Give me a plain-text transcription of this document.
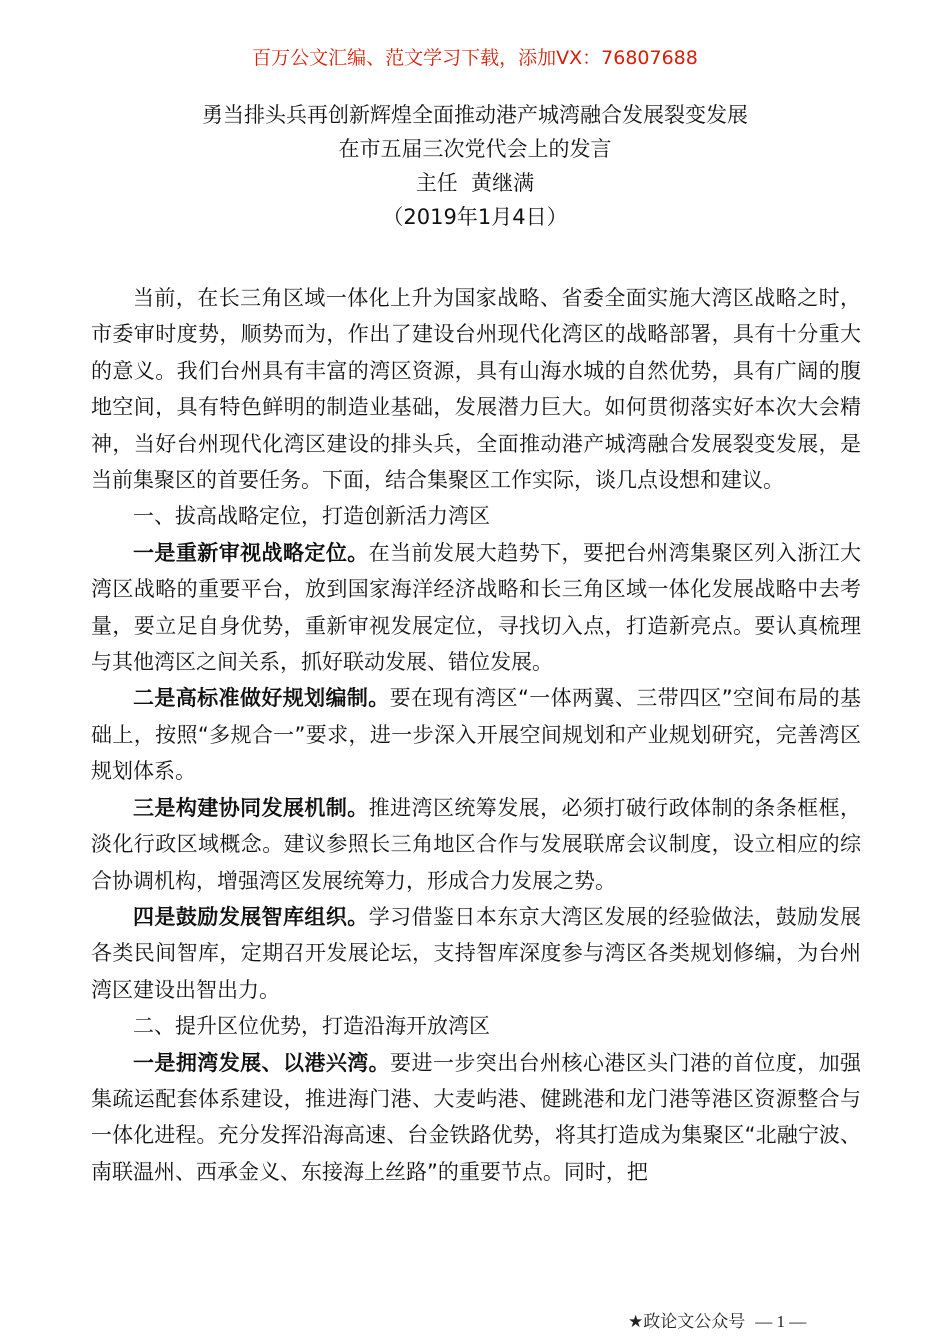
百万公文汇编、范文学习下载，添加VX：76807688
勇当排头兵再创新辉煌全面推动港产城湾融合发展裂变发展
在市五届三次党代会上的发言
主任  黄继满
（2019年1月4日）

当前，在长三角区域一体化上升为国家战略、省委全面实施大湾区战略之时，市委审时度势，顺势而为，作出了建设台州现代化湾区的战略部署，具有十分重大的意义。我们台州具有丰富的湾区资源，具有山海水城的自然优势，具有广阔的腹地空间，具有特色鲜明的制造业基础，发展潜力巨大。如何贯彻落实好本次大会精神，当好台州现代化湾区建设的排头兵，全面推动港产城湾融合发展裂变发展，是当前集聚区的首要任务。下面，结合集聚区工作实际，谈几点设想和建议。

一、拔高战略定位，打造创新活力湾区

一是重新审视战略定位。在当前发展大趋势下，要把台州湾集聚区列入浙江大湾区战略的重要平台，放到国家海洋经济战略和长三角区域一体化发展战略中去考量，要立足自身优势，重新审视发展定位，寻找切入点，打造新亮点。要认真梳理与其他湾区之间关系，抓好联动发展、错位发展。

二是高标准做好规划编制。要在现有湾区“一体两翼、三带四区”空间布局的基础上，按照“多规合一”要求，进一步深入开展空间规划和产业规划研究，完善湾区规划体系。

三是构建协同发展机制。推进湾区统筹发展，必须打破行政体制的条条框框，淡化行政区域概念。建议参照长三角地区合作与发展联席会议制度，设立相应的综合协调机构，增强湾区发展统筹力，形成合力发展之势。

四是鼓励发展智库组织。学习借鉴日本东京大湾区发展的经验做法，鼓励发展各类民间智库，定期召开发展论坛，支持智库深度参与湾区各类规划修编，为台州湾区建设出智出力。

二、提升区位优势，打造沿海开放湾区

一是拥湾发展、以港兴湾。要进一步突出台州核心港区头门港的首位度，加强集疏运配套体系建设，推进海门港、大麦屿港、健跳港和龙门港等港区资源整合与一体化进程。充分发挥沿海高速、台金铁路优势，将其打造成为集聚区“北融宁波、南联温州、西承金义、东接海上丝路”的重要节点。同时，把

★政论文公众号 — 1 —
